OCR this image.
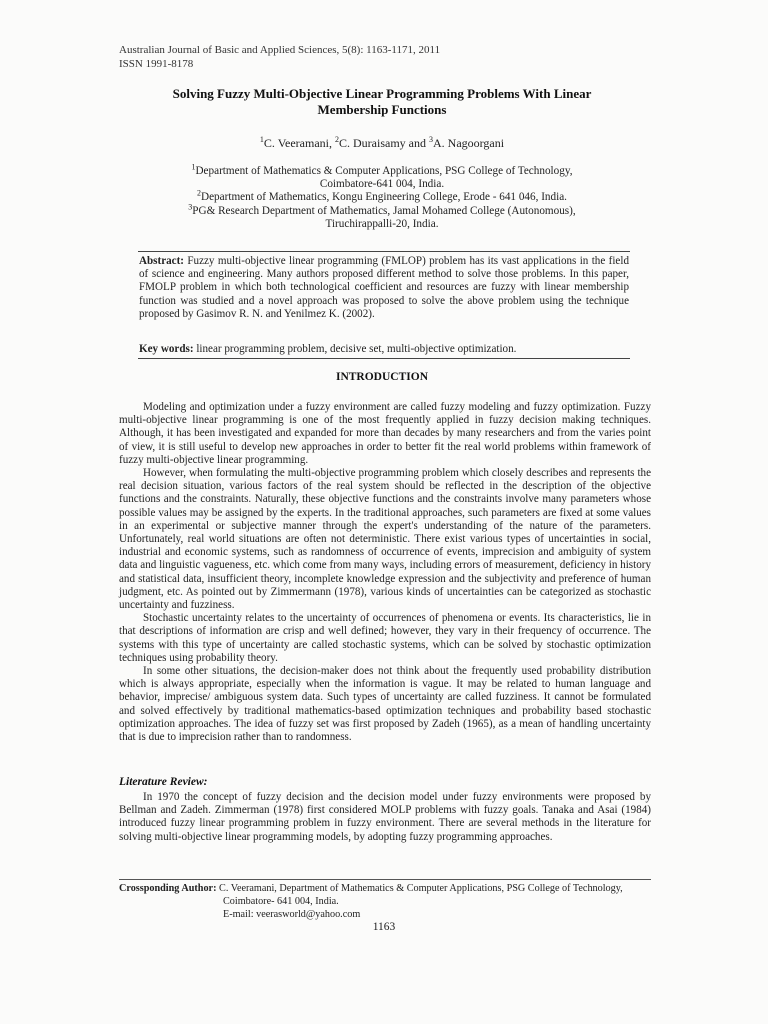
Australian Journal of Basic and Applied Sciences, 5(8): 1163-1171, 2011
ISSN 1991-8178
Solving Fuzzy Multi-Objective Linear Programming Problems With Linear
Membership Functions
$^1$C. Veeramani, $^2$C. Duraisamy and $^3$A. Nagoorgani
$^1$Department of Mathematics & Computer Applications, PSG College of Technology,
Coimbatore-641 004, India.
$^2$Department of Mathematics, Kongu Engineering College, Erode - 641 046, India.
$^3$PG& Research Department of Mathematics, Jamal Mohamed College (Autonomous),
Tiruchirappalli-20, India.
Abstract: Fuzzy multi-objective linear programming (FMLOP) problem has its vast applications in the field of science and engineering. Many authors proposed different method to solve those problems. In this paper, FMOLP problem in which both technological coefficient and resources are fuzzy with linear membership function was studied and a novel approach was proposed to solve the above problem using the technique proposed by Gasimov R. N. and Yenilmez K. (2002).
Key words: linear programming problem, decisive set, multi-objective optimization.
INTRODUCTION

Modeling and optimization under a fuzzy environment are called fuzzy modeling and fuzzy optimization. Fuzzy multi-objective linear programming is one of the most frequently applied in fuzzy decision making techniques. Although, it has been investigated and expanded for more than decades by many researchers and from the varies point of view, it is still useful to develop new approaches in order to better fit the real world problems within framework of fuzzy multi-objective linear programming.

However, when formulating the multi-objective programming problem which closely describes and represents the real decision situation, various factors of the real system should be reflected in the description of the objective functions and the constraints. Naturally, these objective functions and the constraints involve many parameters whose possible values may be assigned by the experts. In the traditional approaches, such parameters are fixed at some values in an experimental or subjective manner through the expert's understanding of the nature of the parameters. Unfortunately, real world situations are often not deterministic. There exist various types of uncertainties in social, industrial and economic systems, such as randomness of occurrence of events, imprecision and ambiguity of system data and linguistic vagueness, etc. which come from many ways, including errors of measurement, deficiency in history and statistical data, insufficient theory, incomplete knowledge expression and the subjectivity and preference of human judgment, etc. As pointed out by Zimmermann (1978), various kinds of uncertainties can be categorized as stochastic uncertainty and fuzziness.

Stochastic uncertainty relates to the uncertainty of occurrences of phenomena or events. Its characteristics, lie in that descriptions of information are crisp and well defined; however, they vary in their frequency of occurrence. The systems with this type of uncertainty are called stochastic systems, which can be solved by stochastic optimization techniques using probability theory.

In some other situations, the decision-maker does not think about the frequently used probability distribution which is always appropriate, especially when the information is vague. It may be related to human language and behavior, imprecise/ ambiguous system data. Such types of uncertainty are called fuzziness. It cannot be formulated and solved effectively by traditional mathematics-based optimization techniques and probability based stochastic optimization approaches. The idea of fuzzy set was first proposed by Zadeh (1965), as a mean of handling uncertainty that is due to imprecision rather than to randomness.

Literature Review:

In 1970 the concept of fuzzy decision and the decision model under fuzzy environments were proposed by Bellman and Zadeh. Zimmerman (1978) first considered MOLP problems with fuzzy goals. Tanaka and Asai (1984) introduced fuzzy linear programming problem in fuzzy environment. There are several methods in the literature for solving multi-objective linear programming models, by adopting fuzzy programming approaches.

Crossponding Author: C. Veeramani, Department of Mathematics & Computer Applications, PSG College of Technology,
Coimbatore- 641 004, India.
E-mail: veerasworld@yahoo.com
1163
